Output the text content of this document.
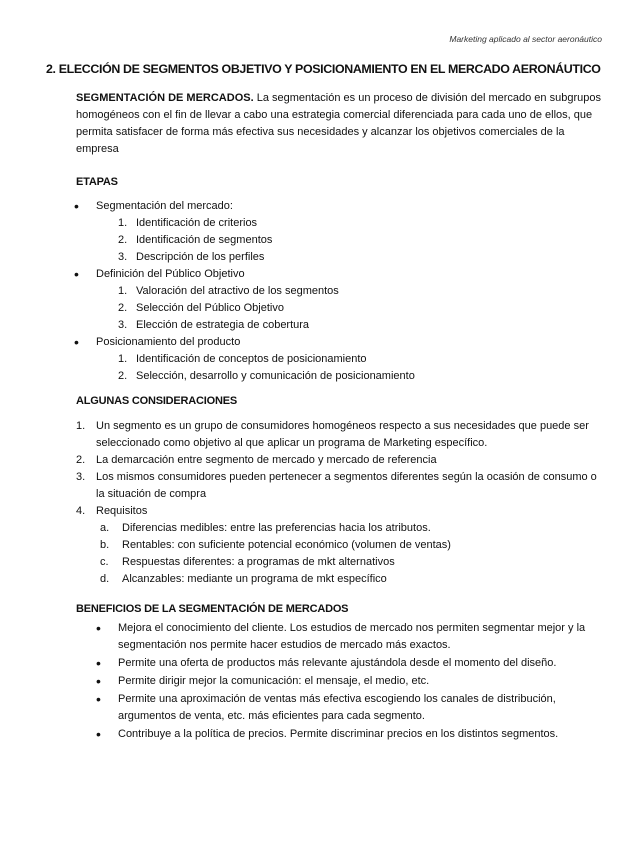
Marketing aplicado al sector aeronáutico
2. ELECCIÓN DE SEGMENTOS OBJETIVO Y POSICIONAMIENTO EN EL MERCADO AERONÁUTICO

SEGMENTACIÓN DE MERCADOS. La segmentación es un proceso de división del mercado en subgrupos homogéneos con el fin de llevar a cabo una estrategia comercial diferenciada para cada uno de ellos, que permita satisfacer de forma más efectiva sus necesidades y alcanzar los objetivos comerciales de la empresa

ETAPAS
• Segmentación del mercado:
1. Identificación de criterios
2. Identificación de segmentos
3. Descripción de los perfiles
• Definición del Público Objetivo
1. Valoración del atractivo de los segmentos
2. Selección del Público Objetivo
3. Elección de estrategia de cobertura
• Posicionamiento del producto
1. Identificación de conceptos de posicionamiento
2. Selección, desarrollo y comunicación de posicionamiento
ALGUNAS CONSIDERACIONES
1. Un segmento es un grupo de consumidores homogéneos respecto a sus necesidades que puede ser seleccionado como objetivo al que aplicar un programa de Marketing específico.
2. La demarcación entre segmento de mercado y mercado de referencia
3. Los mismos consumidores pueden pertenecer a segmentos diferentes según la ocasión de consumo o la situación de compra
4. Requisitos
a. Diferencias medibles: entre las preferencias hacia los atributos.
b. Rentables: con suficiente potencial económico (volumen de ventas)
c. Respuestas diferentes: a programas de mkt alternativos
d. Alcanzables: mediante un programa de mkt específico
BENEFICIOS DE LA SEGMENTACIÓN DE MERCADOS
• Mejora el conocimiento del cliente. Los estudios de mercado nos permiten segmentar mejor y la segmentación nos permite hacer estudios de mercado más exactos.
• Permite una oferta de productos más relevante ajustándola desde el momento del diseño.
• Permite dirigir mejor la comunicación: el mensaje, el medio, etc.
• Permite una aproximación de ventas más efectiva escogiendo los canales de distribución, argumentos de venta, etc. más eficientes para cada segmento.
• Contribuye a la política de precios. Permite discriminar precios en los distintos segmentos.
